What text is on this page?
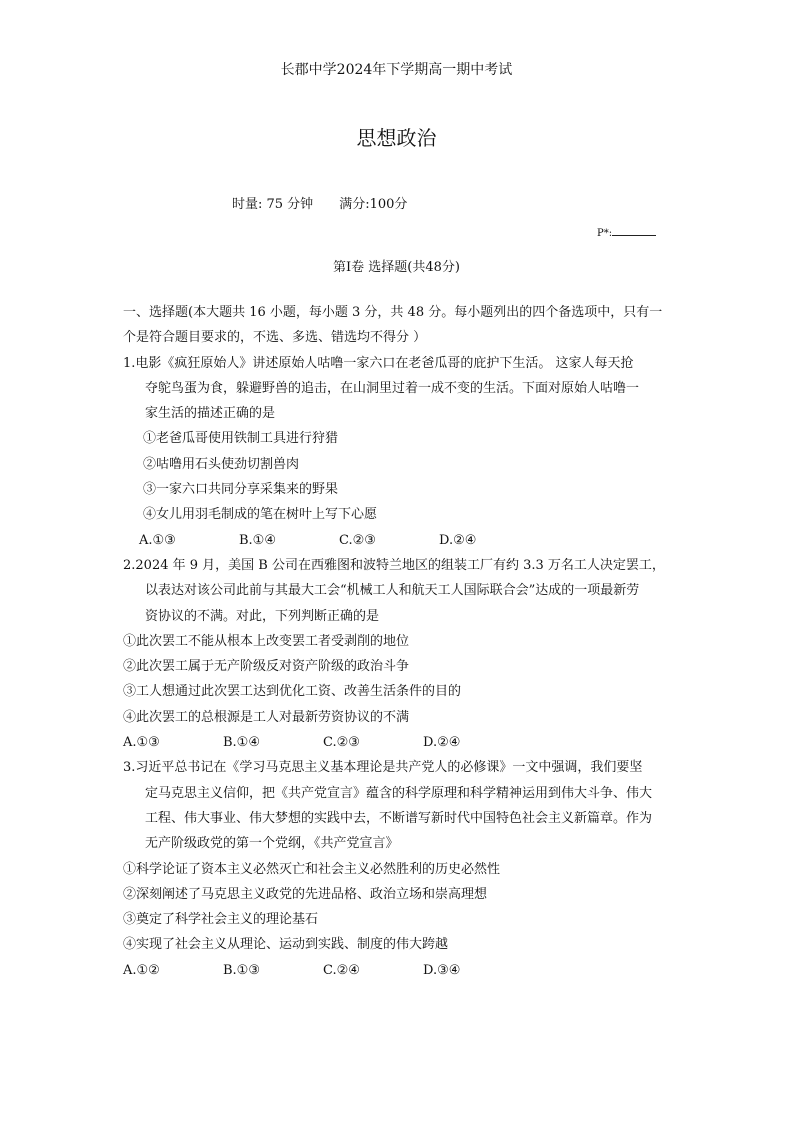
长郡中学2024年下学期高一期中考试
思想政治
时量: 75 分钟 满分:100分
P*:
第Ⅰ卷 选择题(共48分)
一、选择题(本大题共 16 小题，每小题 3 分，共 48 分。每小题列出的四个备选项中，只有一
个是符合题目要求的，不选、多选、错选均不得分 ）
1.电影《疯狂原始人》讲述原始人咕噜一家六口在老爸瓜哥的庇护下生活。 这家人每天抢
夺鸵鸟蛋为食，躲避野兽的追击，在山洞里过着一成不变的生活。下面对原始人咕噜一
家生活的描述正确的是
①老爸瓜哥使用铁制工具进行狩猎
②咕噜用石头使劲切割兽肉
③一家六口共同分享采集来的野果
④女儿用羽毛制成的笔在树叶上写下心愿
A.①③	B.①④	C.②③	D.②④
2.2024 年 9 月，美国 B 公司在西雅图和波特兰地区的组装工厂有约 3.3 万名工人决定罢工，
以表达对该公司此前与其最大工会“机械工人和航天工人国际联合会”达成的一项最新劳
资协议的不满。对此，下列判断正确的是
①此次罢工不能从根本上改变罢工者受剥削的地位
②此次罢工属于无产阶级反对资产阶级的政治斗争
③工人想通过此次罢工达到优化工资、改善生活条件的目的
④此次罢工的总根源是工人对最新劳资协议的不满
A.①③	B.①④	C.②③	D.②④
3.习近平总书记在《学习马克思主义基本理论是共产党人的必修课》一文中强调，我们要坚
定马克思主义信仰，把《共产党宣言》蕴含的科学原理和科学精神运用到伟大斗争、伟大
工程、伟大事业、伟大梦想的实践中去，不断谱写新时代中国特色社会主义新篇章。作为
无产阶级政党的第一个党纲，《共产党宣言》
①科学论证了资本主义必然灭亡和社会主义必然胜利的历史必然性
②深刻阐述了马克思主义政党的先进品格、政治立场和崇高理想
③奠定了科学社会主义的理论基石
④实现了社会主义从理论、运动到实践、制度的伟大跨越
A.①②	B.①③	C.②④	D.③④
